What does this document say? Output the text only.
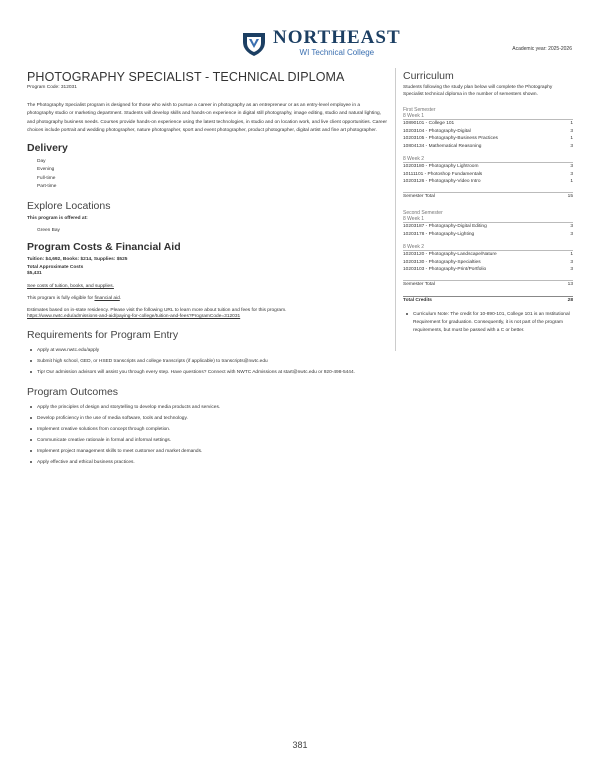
NORTHEAST
WI Technical College	Academic year: 2025-2026
PHOTOGRAPHY SPECIALIST - TECHNICAL DIPLOMA
Program Code: 312031
The Photography Specialist program is designed for those who wish to pursue a career in photography as an entrepreneur or as an entry-level employee in a photography studio or marketing department. Students will develop skills and hands-on experience in digital still photography, image editing, studio and natural lighting, and photography business needs. Courses provide hands-on experience using the latest technologies, in studio and on location work, and live client opportunities. Career choices include portrait and wedding photographer, nature photographer, sport and event photographer, product photographer, digital artist and fine art photographer.
Delivery
Day
Evening
Full-time
Part-time
Explore Locations
This program is offered at:
Green Bay
Program Costs & Financial Aid
Tuition: $4,692, Books: $214, Supplies: $525
Total Approximate Costs
$5,431
See costs of tuition, books, and supplies.
This program is fully eligible for financial aid.
Estimates based on in-state residency. Please visit the following URL to learn more about tuition and fees for this program.
https://www.nwtc.edu/admissions-and-aid/paying-for-college/tuition-and-fees?ProgramCode=312031
Requirements for Program Entry
Apply at www.nwtc.edu/apply
Submit high school, GED, or HSED transcripts and college transcripts (if applicable) to transcripts@nwtc.edu
Tip! Our admission advisors will assist you through every step. Have questions? Connect with NWTC Admissions at start@nwtc.edu or 920-498-5444.
Program Outcomes
Apply the principles of design and storytelling to develop media products and services.
Develop proficiency in the use of media software, tools and technology.
Implement creative solutions from concept through completion.
Communicate creative rationale in formal and informal settings.
Implement project management skills to meet customer and market demands.
Apply effective and ethical business practices.
Curriculum
Students following the study plan below will complete the Photography Specialist technical diploma in the number of semesters shown.
First Semester
8 Week 1
10890101 - College 101	1
10203104 - Photography-Digital	3
10203105 - Photography-Business Practices	1
10804134 - Mathematical Reasoning	3
8 Week 2
10203180 - Photography Lightroom	3
10111101 - Photoshop Fundamentals	3
10203126 - Photography-Video Intro	1
Semester Total	15
Second Semester
8 Week 1
10203187 - Photography-Digital Editing	3
10203178 - Photography-Lighting	3
8 Week 2
10203120 - Photography-Landscape/Nature	1
10203130 - Photography-Specialties	3
10203103 - Photography-Print/Portfolio	3
Semester Total	13
Total Credits	28
Curriculum Note: The credit for 10-890-101, College 101 is an Institutional Requirement for graduation. Consequently, it is not part of the program requirements, but must be passed with a C or better.
381
